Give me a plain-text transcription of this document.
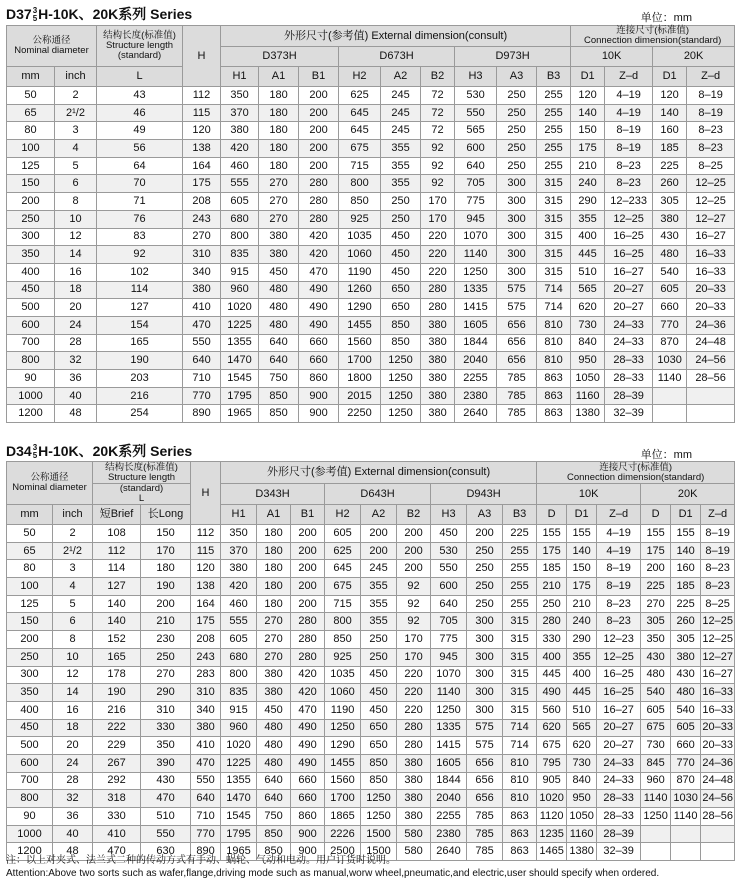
D37 3
5 H-10K、20K系列 Series	单位：mm
公称通径
Nominal diameter		结构长度(标准值)
Structure length
(standard)	H	外形尺寸(参考值) External dimension(consult)									连接尺寸(标准值)
Connection dimension(standard)			
				D373H			D673H			D973H			10K		20K	
mm	inch	L		H1	A1	B1	H2	A2	B2	H3	A3	B3	D1	Z–d	D1	Z–d
50	2	43	112	350	180	200	625	245	72	530	250	255	120	4–19	120	8–19
65	2¹/2	46	115	370	180	200	645	245	72	550	250	255	140	4–19	140	8–19
80	3	49	120	380	180	200	645	245	72	565	250	255	150	8–19	160	8–23
100	4	56	138	420	180	200	675	355	92	600	250	255	175	8–19	185	8–23
125	5	64	164	460	180	200	715	355	92	640	250	255	210	8–23	225	8–25
150	6	70	175	555	270	280	800	355	92	705	300	315	240	8–23	260	12–25
200	8	71	208	605	270	280	850	250	170	775	300	315	290	12–233	305	12–25
250	10	76	243	680	270	280	925	250	170	945	300	315	355	12–25	380	12–27
300	12	83	270	800	380	420	1035	450	220	1070	300	315	400	16–25	430	16–27
350	14	92	310	835	380	420	1060	450	220	1140	300	315	445	16–25	480	16–33
400	16	102	340	915	450	470	1190	450	220	1250	300	315	510	16–27	540	16–33
450	18	114	380	960	480	490	1260	650	280	1335	575	714	565	20–27	605	20–33
500	20	127	410	1020	480	490	1290	650	280	1415	575	714	620	20–27	660	20–33
600	24	154	470	1225	480	490	1455	850	380	1605	656	810	730	24–33	770	24–36
700	28	165	550	1355	640	660	1560	850	380	1844	656	810	840	24–33	870	24–48
800	32	190	640	1470	640	660	1700	1250	380	2040	656	810	950	28–33	1030	24–56
90	36	203	710	1545	750	860	1800	1250	380	2255	785	863	1050	28–33	1140	28–56
1000	40	216	770	1795	850	900	2015	1250	380	2380	785	863	1160	28–39		
1200	48	254	890	1965	850	900	2250	1250	380	2640	785	863	1380	32–39		
D34 3
5 H-10K、20K系列 Series	单位：mm
公称通径
Nominal diameter		结构长度(标准值)
Structure length		H	外形尺寸(参考值) External dimension(consult)									连接尺寸(标准值)
Connection dimension(standard)					
		(standard)
L			D343H			D643H			D943H			10K			20K		
mm	inch	短Brief	长Long		H1	A1	B1	H2	A2	B2	H3	A3	B3	D	D1	Z–d	D	D1	Z–d
50	2	108	150	112	350	180	200	605	200	200	450	200	225	155	155	4–19	155	155	8–19
65	2¹/2	112	170	115	370	180	200	625	200	200	530	250	255	175	140	4–19	175	140	8–19
80	3	114	180	120	380	180	200	645	245	200	550	250	255	185	150	8–19	200	160	8–23
100	4	127	190	138	420	180	200	675	355	92	600	250	255	210	175	8–19	225	185	8–23
125	5	140	200	164	460	180	200	715	355	92	640	250	255	250	210	8–23	270	225	8–25
150	6	140	210	175	555	270	280	800	355	92	705	300	315	280	240	8–23	305	260	12–25
200	8	152	230	208	605	270	280	850	250	170	775	300	315	330	290	12–23	350	305	12–25
250	10	165	250	243	680	270	280	925	250	170	945	300	315	400	355	12–25	430	380	12–27
300	12	178	270	283	800	380	420	1035	450	220	1070	300	315	445	400	16–25	480	430	16–27
350	14	190	290	310	835	380	420	1060	450	220	1140	300	315	490	445	16–25	540	480	16–33
400	16	216	310	340	915	450	470	1190	450	220	1250	300	315	560	510	16–27	605	540	16–33
450	18	222	330	380	960	480	490	1250	650	280	1335	575	714	620	565	20–27	675	605	20–33
500	20	229	350	410	1020	480	490	1290	650	280	1415	575	714	675	620	20–27	730	660	20–33
600	24	267	390	470	1225	480	490	1455	850	380	1605	656	810	795	730	24–33	845	770	24–36
700	28	292	430	550	1355	640	660	1560	850	380	1844	656	810	905	840	24–33	960	870	24–48
800	32	318	470	640	1470	640	660	1700	1250	380	2040	656	810	1020	950	28–33	1140	1030	24–56
90	36	330	510	710	1545	750	860	1865	1250	380	2255	785	863	1120	1050	28–33	1250	1140	28–56
1000	40	410	550	770	1795	850	900	2226	1500	580	2380	785	863	1235	1160	28–39			
1200	48	470	630	890	1965	850	900	2500	1500	580	2640	785	863	1465	1380	32–39			
注：以上对夹式、法兰式二种的传动方式有手动、蜗轮、气动和电动。用户订货时说明。
Attention:Above two sorts such as wafer,flange,driving mode such as manual,worw wheel,pneumatic,and electric,user should specify when ordered.
